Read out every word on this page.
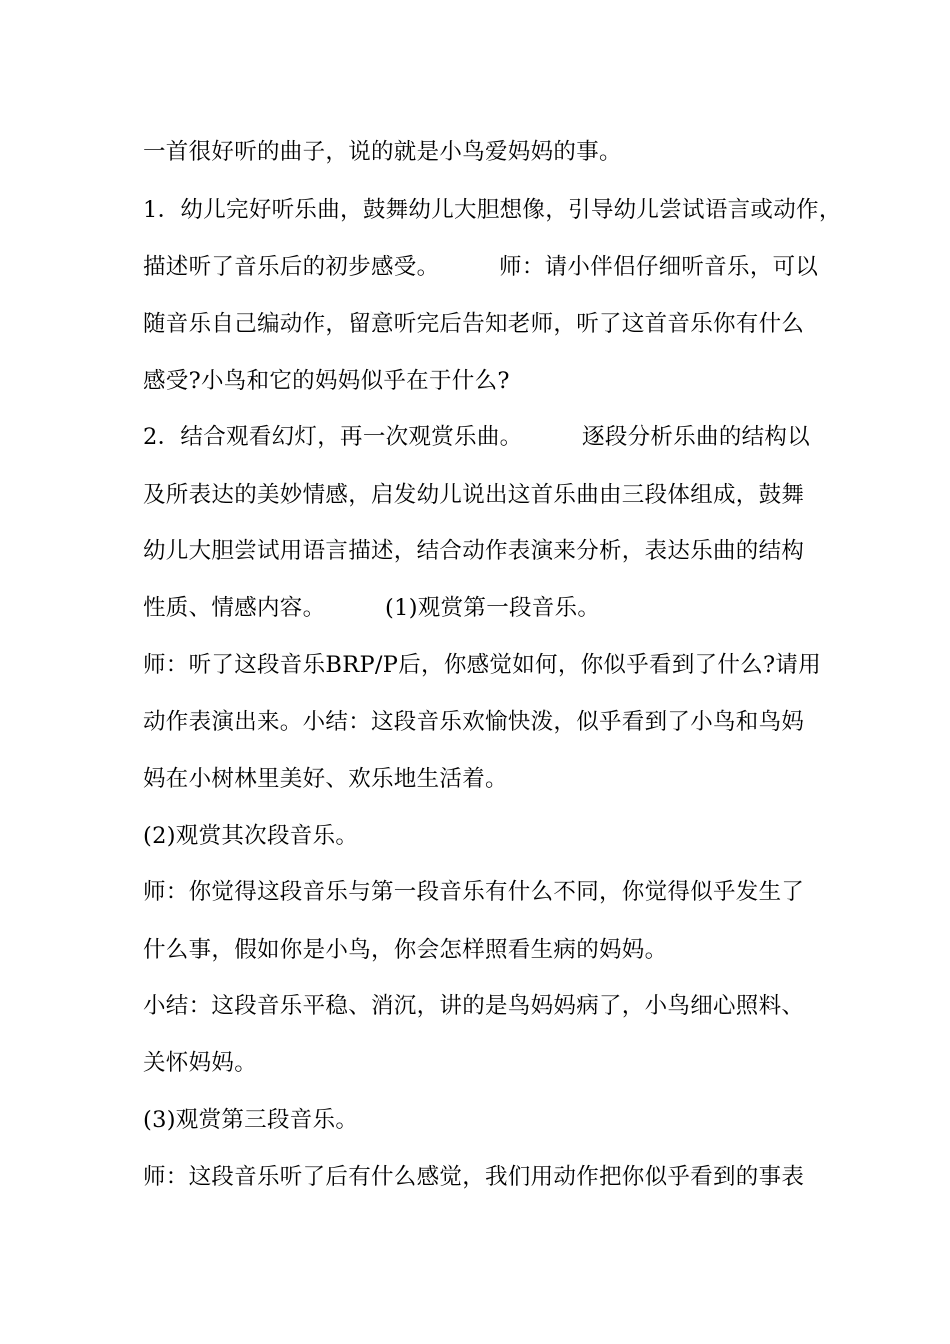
一首很好听的曲子，说的就是小鸟爱妈妈的事。
1．幼儿完好听乐曲，鼓舞幼儿大胆想像，引导幼儿尝试语言或动作，
描述听了音乐后的初步感受。        师：请小伴侣仔细听音乐，可以
随音乐自己编动作，留意听完后告知老师，听了这首音乐你有什么
感受?小鸟和它的妈妈似乎在于什么?
2．结合观看幻灯，再一次观赏乐曲。        逐段分析乐曲的结构以
及所表达的美妙情感，启发幼儿说出这首乐曲由三段体组成，鼓舞
幼儿大胆尝试用语言描述，结合动作表演来分析，表达乐曲的结构
性质、情感内容。        (1)观赏第一段音乐。
师：听了这段音乐BRP/P后，你感觉如何，你似乎看到了什么?请用
动作表演出来。小结：这段音乐欢愉快泼，似乎看到了小鸟和鸟妈
妈在小树林里美好、欢乐地生活着。
(2)观赏其次段音乐。
师：你觉得这段音乐与第一段音乐有什么不同，你觉得似乎发生了
什么事，假如你是小鸟，你会怎样照看生病的妈妈。
小结：这段音乐平稳、消沉，讲的是鸟妈妈病了，小鸟细心照料、
关怀妈妈。
(3)观赏第三段音乐。
师：这段音乐听了后有什么感觉，我们用动作把你似乎看到的事表
